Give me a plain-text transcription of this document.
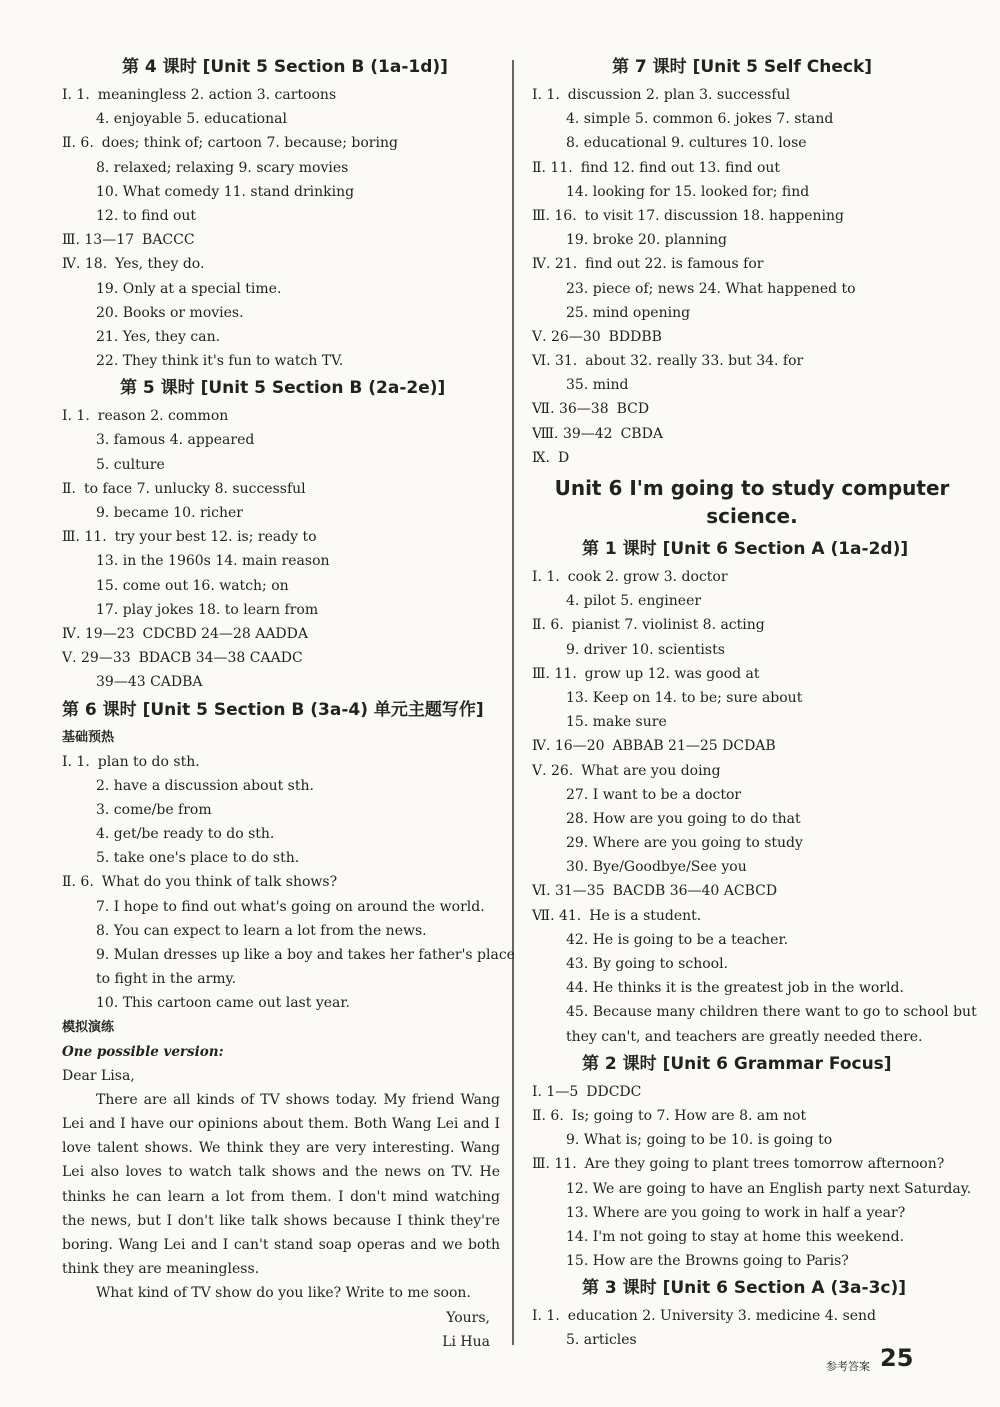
第 4 课时 [Unit 5 Section B (1a-1d)]
Ⅰ. 1. meaningless 2. action 3. cartoons
4. enjoyable 5. educational
Ⅱ. 6. does; think of; cartoon 7. because; boring
8. relaxed; relaxing 9. scary movies
10. What comedy 11. stand drinking
12. to find out
Ⅲ. 13—17 BACCC
Ⅳ. 18. Yes, they do.
19. Only at a special time.
20. Books or movies.
21. Yes, they can.
22. They think it's fun to watch TV.
第 5 课时 [Unit 5 Section B (2a-2e)]
Ⅰ. 1. reason 2. common
3. famous 4. appeared
5. culture
Ⅱ. to face 7. unlucky 8. successful
9. became 10. richer
Ⅲ. 11. try your best 12. is; ready to
13. in the 1960s 14. main reason
15. come out 16. watch; on
17. play jokes 18. to learn from
Ⅳ. 19—23 CDCBD 24—28 AADDA
Ⅴ. 29—33 BDACB 34—38 CAADC
39—43 CADBA
第 6 课时 [Unit 5 Section B (3a-4) 单元主题写作]
基础预热
Ⅰ. 1. plan to do sth.
2. have a discussion about sth.
3. come/be from
4. get/be ready to do sth.
5. take one's place to do sth.
Ⅱ. 6. What do you think of talk shows?
7. I hope to find out what's going on around the world.
8. You can expect to learn a lot from the news.
9. Mulan dresses up like a boy and takes her father's place
to fight in the army.
10. This cartoon came out last year.
模拟演练
One possible version:
Dear Lisa,

There are all kinds of TV shows today. My friend Wang Lei and I have our opinions about them. Both Wang Lei and I love talent shows. We think they are very interesting. Wang Lei also loves to watch talk shows and the news on TV. He thinks he can learn a lot from them. I don't mind watching the news, but I don't like talk shows because I think they're boring. Wang Lei and I can't stand soap operas and we both think they are meaningless.

What kind of TV show do you like? Write to me soon.

Yours,
Li Hua
第 7 课时 [Unit 5 Self Check]
Ⅰ. 1. discussion 2. plan 3. successful
4. simple 5. common 6. jokes 7. stand
8. educational 9. cultures 10. lose
Ⅱ. 11. find 12. find out 13. find out
14. looking for 15. looked for; find
Ⅲ. 16. to visit 17. discussion 18. happening
19. broke 20. planning
Ⅳ. 21. find out 22. is famous for
23. piece of; news 24. What happened to
25. mind opening
Ⅴ. 26—30 BDDBB
Ⅵ. 31. about 32. really 33. but 34. for
35. mind
Ⅶ. 36—38 BCD
Ⅷ. 39—42 CBDA
Ⅸ. D
Unit 6 I'm going to study computer
science.
第 1 课时 [Unit 6 Section A (1a-2d)]
Ⅰ. 1. cook 2. grow 3. doctor
4. pilot 5. engineer
Ⅱ. 6. pianist 7. violinist 8. acting
9. driver 10. scientists
Ⅲ. 11. grow up 12. was good at
13. Keep on 14. to be; sure about
15. make sure
Ⅳ. 16—20 ABBAB 21—25 DCDAB
Ⅴ. 26. What are you doing
27. I want to be a doctor
28. How are you going to do that
29. Where are you going to study
30. Bye/Goodbye/See you
Ⅵ. 31—35 BACDB 36—40 ACBCD
Ⅶ. 41. He is a student.
42. He is going to be a teacher.
43. By going to school.
44. He thinks it is the greatest job in the world.
45. Because many children there want to go to school but
they can't, and teachers are greatly needed there.
第 2 课时 [Unit 6 Grammar Focus]
Ⅰ. 1—5 DDCDC
Ⅱ. 6. Is; going to 7. How are 8. am not
9. What is; going to be 10. is going to
Ⅲ. 11. Are they going to plant trees tomorrow afternoon?
12. We are going to have an English party next Saturday.
13. Where are you going to work in half a year?
14. I'm not going to stay at home this weekend.
15. How are the Browns going to Paris?
第 3 课时 [Unit 6 Section A (3a-3c)]
Ⅰ. 1. education 2. University 3. medicine 4. send
5. articles
参考答案 25
